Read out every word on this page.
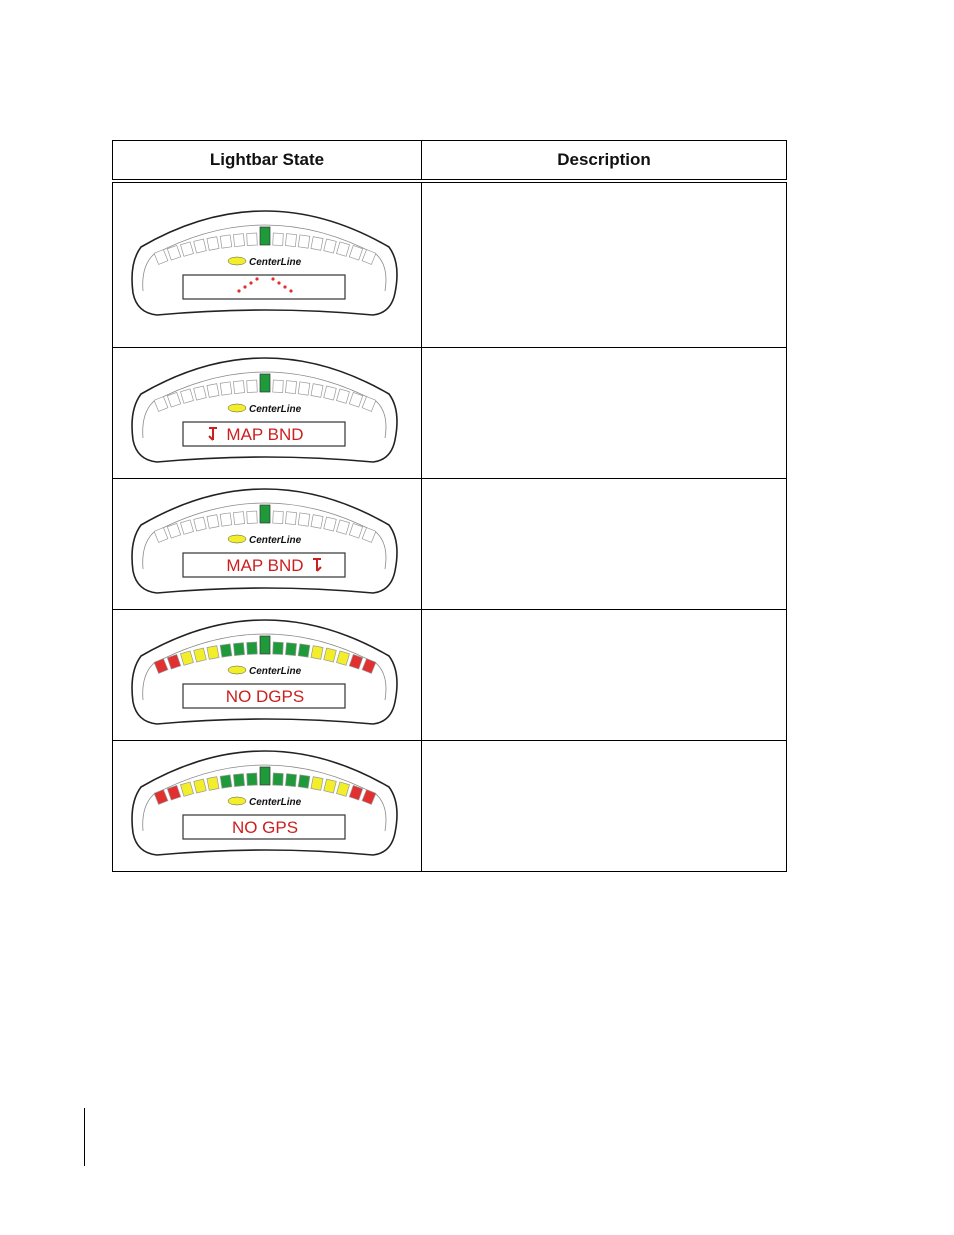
Lightbar State	Description

CenterLine	

CenterLine
MAP BND	

CenterLine
MAP BND	

CenterLine
NO DGPS	

CenterLine
NO GPS	
